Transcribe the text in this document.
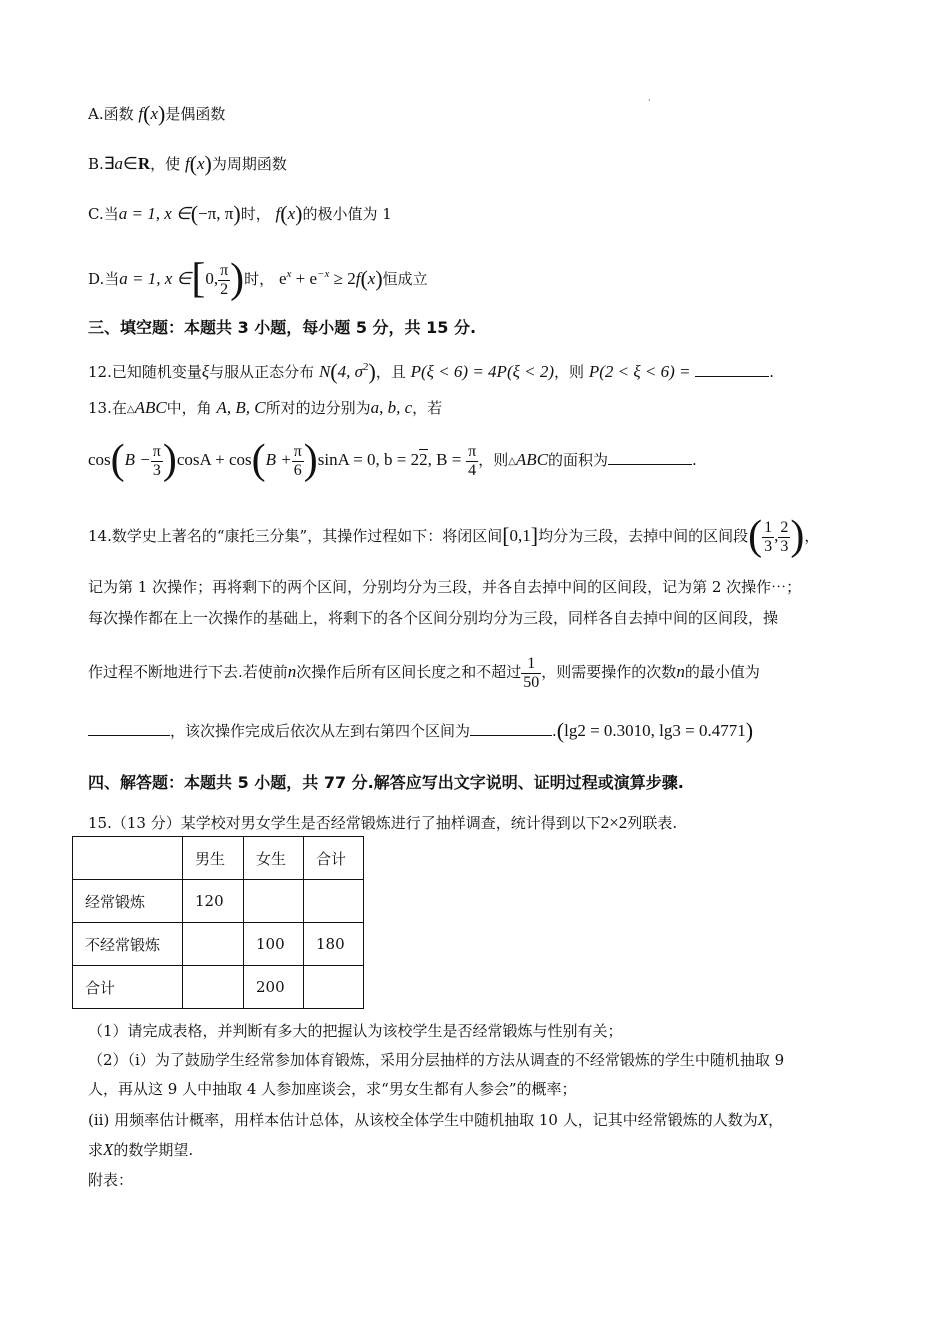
·
A.函数 f(x)是偶函数
B.∃a∈R，使 f(x)为周期函数
C.当a = 1, x ∈(−π, π)时， f(x)的极小值为 1
D.当a = 1, x ∈[0, $\frac{\pi}{2}$ )时， $e^x + e^{-x} \ge 2f(x)$恒成立
三、填空题：本题共 3 小题，每小题 5 分，共 15 分.
12.已知随机变量ξ与服从正态分布 N(4, $\sigma^2$)，且 P(ξ < 6) = 4P(ξ < 2)，则 P(2 < ξ < 6) =	.
13.在△ABC中，角 A, B, C所对的边分别为a, b, c，若
$\cos(B - \frac{\pi}{3} )\cos A + \cos(B + \frac{\pi}{6} )\sin A = 0$, b = 22, $B = \frac{\pi}{4}$ ，则△ABC的面积为	.
14.数学史上著名的“康托三分集”，其操作过程如下：将闭区间[0,1]均分为三段，去掉中间的区间段( $\frac{1}{3}$ , $\frac{2}{3}$ )，
记为第 1 次操作；再将剩下的两个区间，分别均分为三段，并各自去掉中间的区间段，记为第 2 次操作⋯；
每次操作都在上一次操作的基础上，将剩下的各个区间分别均分为三段，同样各自去掉中间的区间段，操
作过程不断地进行下去.若使前n次操作后所有区间长度之和不超过 $\frac{1}{50}$ ，则需要操作的次数n的最小值为
，该次操作完成后依次从左到右第四个区间为	.(lg2 = 0.3010, lg3 = 0.4771)
四、解答题：本题共 5 小题，共 77 分.解答应写出文字说明、证明过程或演算步骤.
15.（13 分）某学校对男女学生是否经常锻炼进行了抽样调查，统计得到以下2×2列联表.
	男生	女生	合计
经常锻炼	120		
不经常锻炼		100	180
合计		200	
（1）请完成表格，并判断有多大的把握认为该校学生是否经常锻炼与性别有关；
（2）（i）为了鼓励学生经常参加体育锻炼，采用分层抽样的方法从调查的不经常锻炼的学生中随机抽取 9
人，再从这 9 人中抽取 4 人参加座谈会，求“男女生都有人参会”的概率；
(ii) 用频率估计概率，用样本估计总体，从该校全体学生中随机抽取 10 人，记其中经常锻炼的人数为X，
求X的数学期望.
附表：
